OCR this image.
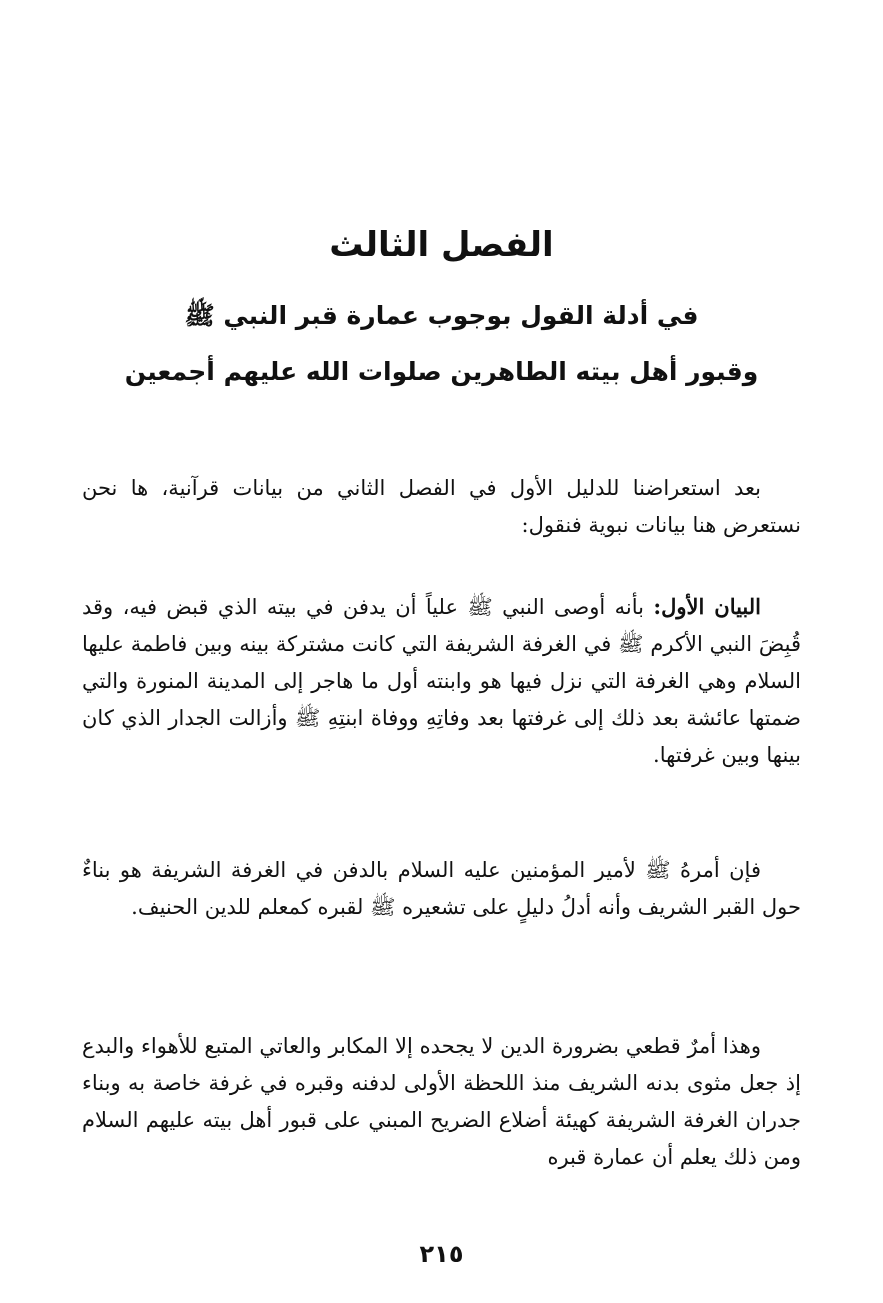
الفصل الثالث
في أدلة القول بوجوب عمارة قبر النبي ﷺ
وقبور أهل بيته الطاهرين صلوات الله عليهم أجمعين

بعد استعراضنا للدليل الأول في الفصل الثاني من بيانات قرآنية، ها نحن نستعرض هنا بيانات نبوية فنقول:

البيان الأول: بأنه أوصى النبي ﷺ علياً أن يدفن في بيته الذي قبض فيه، وقد قُبِضَ النبي الأكرم ﷺ في الغرفة الشريفة التي كانت مشتركة بينه وبين فاطمة عليها السلام وهي الغرفة التي نزل فيها هو وابنته أول ما هاجر إلى المدينة المنورة والتي ضمتها عائشة بعد ذلك إلى غرفتها بعد وفاتِهِ ووفاة ابنتِهِ ﷺ وأزالت الجدار الذي كان بينها وبين غرفتها.

فإن أمرهُ ﷺ لأمير المؤمنين عليه السلام بالدفن في الغرفة الشريفة هو بناءٌ حول القبر الشريف وأنه أدلُ دليلٍ على تشعيره ﷺ لقبره كمعلم للدين الحنيف.

وهذا أمرٌ قطعي بضرورة الدين لا يجحده إلا المكابر والعاتي المتبع للأهواء والبدع إذ جعل مثوى بدنه الشريف منذ اللحظة الأولى لدفنه وقبره في غرفة خاصة به وبناء جدران الغرفة الشريفة كهيئة أضلاع الضريح المبني على قبور أهل بيته عليهم السلام ومن ذلك يعلم أن عمارة قبره

٢١٥
